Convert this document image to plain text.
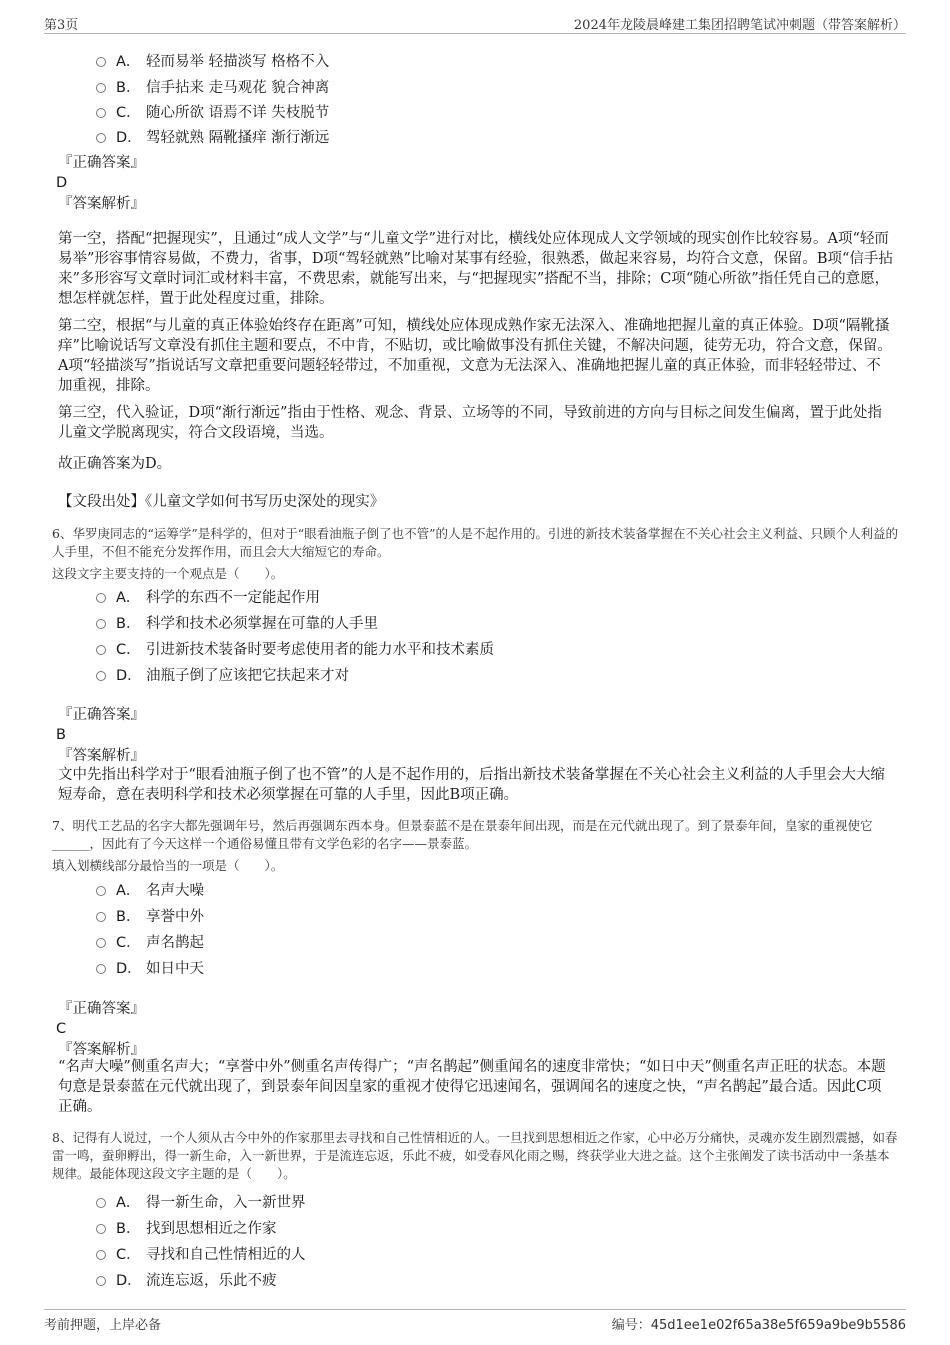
第3页	2024年龙陵晨峰建工集团招聘笔试冲刺题（带答案解析）
A． 轻而易举 轻描淡写 格格不入
B． 信手拈来 走马观花 貌合神离
C． 随心所欲 语焉不详 失枝脱节
D． 驾轻就熟 隔靴搔痒 渐行渐远
『正确答案』
D
『答案解析』
第一空，搭配“把握现实”，且通过“成人文学”与“儿童文学”进行对比，横线处应体现成人文学领域的现实创作比较容易。A项“轻而易举”形容事情容易做，不费力，省事，D项“驾轻就熟”比喻对某事有经验，很熟悉，做起来容易，均符合文意，保留。B项“信手拈来”多形容写文章时词汇或材料丰富，不费思索，就能写出来，与“把握现实”搭配不当，排除；C项“随心所欲”指任凭自己的意愿，想怎样就怎样，置于此处程度过重，排除。
第二空，根据“与儿童的真正体验始终存在距离”可知，横线处应体现成熟作家无法深入、准确地把握儿童的真正体验。D项“隔靴搔痒”比喻说话写文章没有抓住主题和要点，不中肯，不贴切，或比喻做事没有抓住关键，不解决问题，徒劳无功，符合文意，保留。A项“轻描淡写”指说话写文章把重要问题轻轻带过，不加重视，文意为无法深入、准确地把握儿童的真正体验，而非轻轻带过、不加重视，排除。
第三空，代入验证，D项“渐行渐远”指由于性格、观念、背景、立场等的不同，导致前进的方向与目标之间发生偏离，置于此处指儿童文学脱离现实，符合文段语境，当选。
故正确答案为D。
【文段出处】《儿童文学如何书写历史深处的现实》
6、华罗庚同志的“运筹学”是科学的，但对于“眼看油瓶子倒了也不管”的人是不起作用的。引进的新技术装备掌握在不关心社会主义利益、只顾个人利益的人手里，不但不能充分发挥作用，而且会大大缩短它的寿命。
这段文字主要支持的一个观点是（　　）。
A． 科学的东西不一定能起作用
B． 科学和技术必须掌握在可靠的人手里
C． 引进新技术装备时要考虑使用者的能力水平和技术素质
D． 油瓶子倒了应该把它扶起来才对
『正确答案』
B
『答案解析』
文中先指出科学对于“眼看油瓶子倒了也不管”的人是不起作用的，后指出新技术装备掌握在不关心社会主义利益的人手里会大大缩短寿命，意在表明科学和技术必须掌握在可靠的人手里，因此B项正确。
7、明代工艺品的名字大都先强调年号，然后再强调东西本身。但景泰蓝不是在景泰年间出现，而是在元代就出现了。到了景泰年间，皇家的重视使它______，因此有了今天这样一个通俗易懂且带有文学色彩的名字——景泰蓝。
填入划横线部分最恰当的一项是（　　）。
A． 名声大噪
B． 享誉中外
C． 声名鹊起
D． 如日中天
『正确答案』
C
『答案解析』
“名声大噪”侧重名声大；“享誉中外”侧重名声传得广；“声名鹊起”侧重闻名的速度非常快；“如日中天”侧重名声正旺的状态。本题句意是景泰蓝在元代就出现了，到景泰年间因皇家的重视才使得它迅速闻名，强调闻名的速度之快，“声名鹊起”最合适。因此C项正确。
8、记得有人说过，一个人须从古今中外的作家那里去寻找和自己性情相近的人。一旦找到思想相近之作家，心中必万分痛快，灵魂亦发生剧烈震撼，如春雷一鸣，蚕卵孵出，得一新生命，入一新世界，于是流连忘返，乐此不疲，如受春风化雨之赐，终获学业大进之益。这个主张阐发了读书活动中一条基本规律。最能体现这段文字主题的是（　　）。
A． 得一新生命，入一新世界
B． 找到思想相近之作家
C． 寻找和自己性情相近的人
D． 流连忘返，乐此不疲
考前押题，上岸必备	编号：45d1ee1e02f65a38e5f659a9be9b5586
